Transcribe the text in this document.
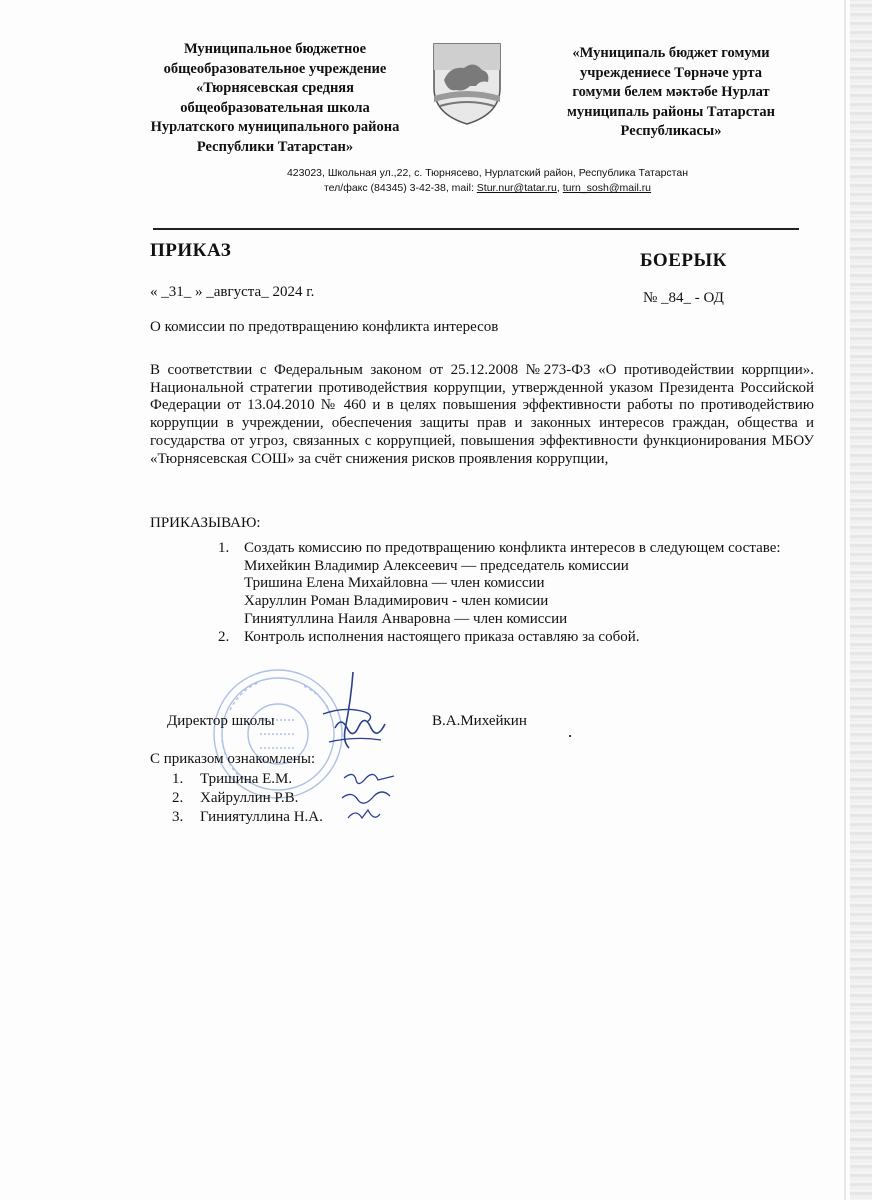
Муниципальное бюджетное
общеобразовательное учреждение
«Тюрнясевская средняя
общеобразовательная школа
Нурлатского муниципального района
Республики Татарстан»
«Муниципаль бюджет гомуми
учреждениесе Төрнәче урта
гомуми белем мәктәбе Нурлат
муниципаль районы Татарстан
Республикасы»
423023, Школьная ул.,22, с. Тюрнясево, Нурлатский район, Республика Татарстан
тел/факс (84345) 3-42-38, mail: Stur.nur@tatar.ru, turn_sosh@mail.ru
ПРИКАЗ	БОЕРЫК
« _31_ » _августа_ 2024 г.	№ _84_ - ОД
О комиссии по предотвращению конфликта интересов
В соответствии с Федеральным законом от 25.12.2008 №273-ФЗ «О противодействии коррпции». Национальной стратегии противодействия коррупции, утвержденной указом Президента Российской Федерации от 13.04.2010 № 460 и в целях повышения эффективности работы по противодействию коррупции в учреждении, обеспечения защиты прав и законных интересов граждан, общества и государства от угроз, связанных с коррупцией, повышения эффективности функционирования МБОУ «Тюрнясевская СОШ» за счёт снижения рисков проявления коррупции,
ПРИКАЗЫВАЮ:
1. Создать комиссию по предотвращению конфликта интересов в следующем составе:
Михейкин Владимир Алексеевич — председатель комиссии
Тришина Елена Михайловна — член комиссии
Харуллин Роман Владимирович - член комисии
Гиниятуллина Наиля Анваровна — член комиссии
2. Контроль исполнения настоящего приказа оставляю за собой.
Директор школы	В.А.Михейкин
С приказом ознакомлены:
1. Тришина Е.М.
2. Хайруллин Р.В.
3. Гиниятуллина Н.А.
